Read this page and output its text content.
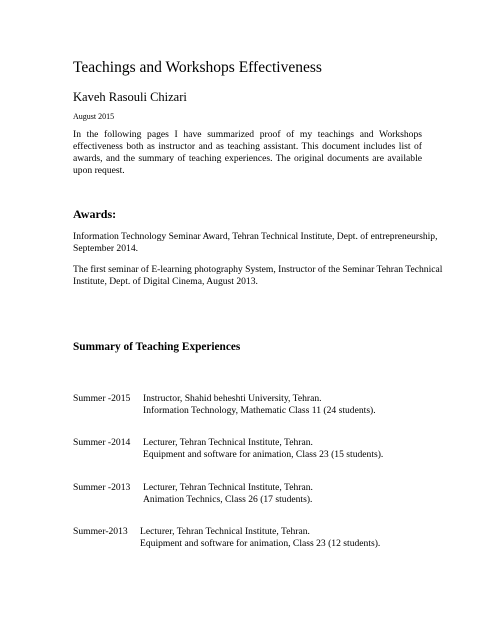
Teachings and Workshops Effectiveness
Kaveh Rasouli Chizari
August 2015
In the following pages I have summarized proof of my teachings and Workshops
effectiveness both as instructor and as teaching assistant. This document includes list of
awards, and the summary of teaching experiences. The original documents are available
upon request.
Awards:
Information Technology Seminar Award, Tehran Technical Institute, Dept. of entrepreneurship,
September 2014.
The first seminar of E-learning photography System, Instructor of the Seminar Tehran Technical
Institute, Dept. of Digital Cinema, August 2013.
Summary of Teaching Experiences
Summer -2015 Instructor, Shahid beheshti University, Tehran.
Information Technology, Mathematic Class 11 (24 students).
Summer -2014 Lecturer, Tehran Technical Institute, Tehran.
Equipment and software for animation, Class 23 (15 students).
Summer -2013 Lecturer, Tehran Technical Institute, Tehran.
Animation Technics, Class 26 (17 students).
Summer-2013 Lecturer, Tehran Technical Institute, Tehran.
Equipment and software for animation, Class 23 (12 students).
